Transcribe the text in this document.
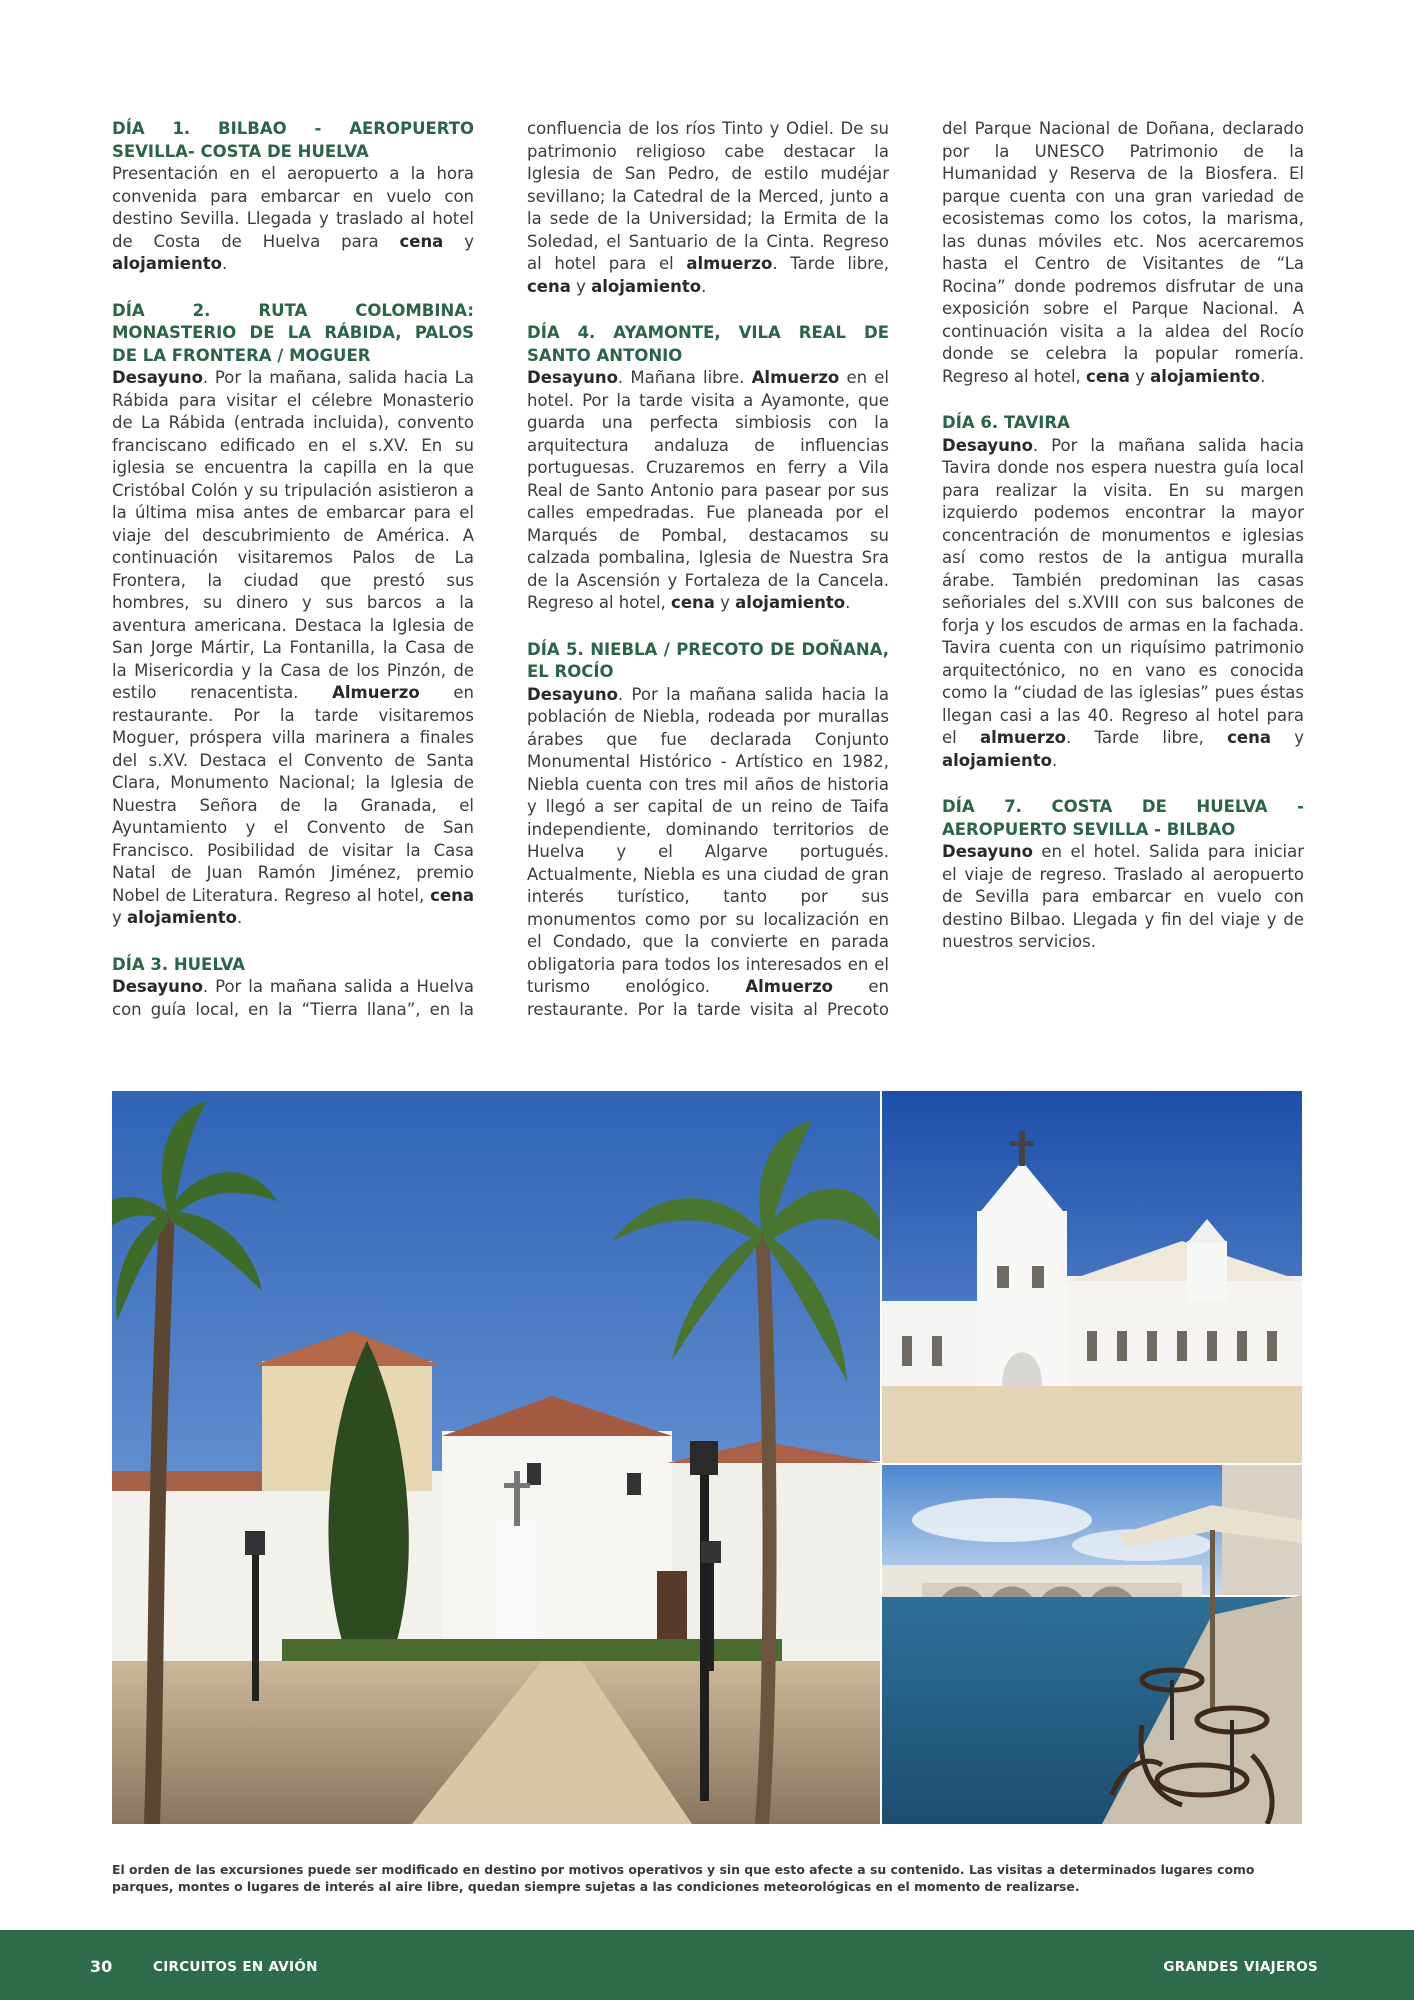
DÍA 1. BILBAO - AEROPUERTO SEVILLA- COSTA DE HUELVA

Presentación en el aeropuerto a la hora convenida para embarcar en vuelo con destino Sevilla. Llegada y traslado al hotel de Costa de Huelva para cena y alojamiento.

DÍA 2. RUTA COLOMBINA: MONASTERIO DE LA RÁBIDA, PALOS DE LA FRONTERA / MOGUER

Desayuno. Por la mañana, salida hacia La Rábida para visitar el célebre Monasterio de La Rábida (entrada incluida), convento franciscano edificado en el s.XV. En su iglesia se encuentra la capilla en la que Cristóbal Colón y su tripulación asistieron a la última misa antes de embarcar para el viaje del descubrimiento de América. A continuación visitaremos Palos de La Frontera, la ciudad que prestó sus hombres, su dinero y sus barcos a la aventura americana. Destaca la Iglesia de San Jorge Mártir, La Fontanilla, la Casa de la Misericordia y la Casa de los Pinzón, de estilo renacentista. Almuerzo en restaurante. Por la tarde visitaremos Moguer, próspera villa marinera a finales del s.XV. Destaca el Convento de Santa Clara, Monumento Nacional; la Iglesia de Nuestra Señora de la Granada, el Ayuntamiento y el Convento de San Francisco. Posibilidad de visitar la Casa Natal de Juan Ramón Jiménez, premio Nobel de Literatura. Regreso al hotel, cena y alojamiento.

DÍA 3. HUELVA

Desayuno. Por la mañana salida a Huelva con guía local, en la “Tierra llana”, en la confluencia de los ríos Tinto y Odiel. De su patrimonio religioso cabe destacar la Iglesia de San Pedro, de estilo mudéjar sevillano; la Catedral de la Merced, junto a la sede de la Universidad; la Ermita de la Soledad, el Santuario de la Cinta. Regreso al hotel para el almuerzo. Tarde libre, cena y alojamiento.

DÍA 4. AYAMONTE, VILA REAL DE SANTO ANTONIO

Desayuno. Mañana libre. Almuerzo en el hotel. Por la tarde visita a Ayamonte, que guarda una perfecta simbiosis con la arquitectura andaluza de influencias portuguesas. Cruzaremos en ferry a Vila Real de Santo Antonio para pasear por sus calles empedradas. Fue planeada por el Marqués de Pombal, destacamos su calzada pombalina, Iglesia de Nuestra Sra de la Ascensión y Fortaleza de la Cancela. Regreso al hotel, cena y alojamiento.

DÍA 5. NIEBLA / PRECOTO DE DOÑANA, EL ROCÍO

Desayuno. Por la mañana salida hacia la población de Niebla, rodeada por murallas árabes que fue declarada Conjunto Monumental Histórico - Artístico en 1982, Niebla cuenta con tres mil años de historia y llegó a ser capital de un reino de Taifa independiente, dominando territorios de Huelva y el Algarve portugués. Actualmente, Niebla es una ciudad de gran interés turístico, tanto por sus monumentos como por su localización en el Condado, que la convierte en parada obligatoria para todos los interesados en el turismo enológico. Almuerzo en restaurante. Por la tarde visita al Precoto del Parque Nacional de Doñana, declarado por la UNESCO Patrimonio de la Humanidad y Reserva de la Biosfera. El parque cuenta con una gran variedad de ecosistemas como los cotos, la marisma, las dunas móviles etc. Nos acercaremos hasta el Centro de Visitantes de “La Rocina” donde podremos disfrutar de una exposición sobre el Parque Nacional. A continuación visita a la aldea del Rocío donde se celebra la popular romería. Regreso al hotel, cena y alojamiento.

DÍA 6. TAVIRA

Desayuno. Por la mañana salida hacia Tavira donde nos espera nuestra guía local para realizar la visita. En su margen izquierdo podemos encontrar la mayor concentración de monumentos e iglesias así como restos de la antigua muralla árabe. También predominan las casas señoriales del s.XVIII con sus balcones de forja y los escudos de armas en la fachada. Tavira cuenta con un riquísimo patrimonio arquitectónico, no en vano es conocida como la “ciudad de las iglesias” pues éstas llegan casi a las 40. Regreso al hotel para el almuerzo. Tarde libre, cena y alojamiento.

DÍA 7. COSTA DE HUELVA - AEROPUERTO SEVILLA - BILBAO

Desayuno en el hotel. Salida para iniciar el viaje de regreso. Traslado al aeropuerto de Sevilla para embarcar en vuelo con destino Bilbao. Llegada y fin del viaje y de nuestros servicios.

El orden de las excursiones puede ser modificado en destino por motivos operativos y sin que esto afecte a su contenido. Las visitas a determinados lugares como parques, montes o lugares de interés al aire libre, quedan siempre sujetas a las condiciones meteorológicas en el momento de realizarse.

30	CIRCUITOS EN AVIÓN	GRANDES VIAJEROS
